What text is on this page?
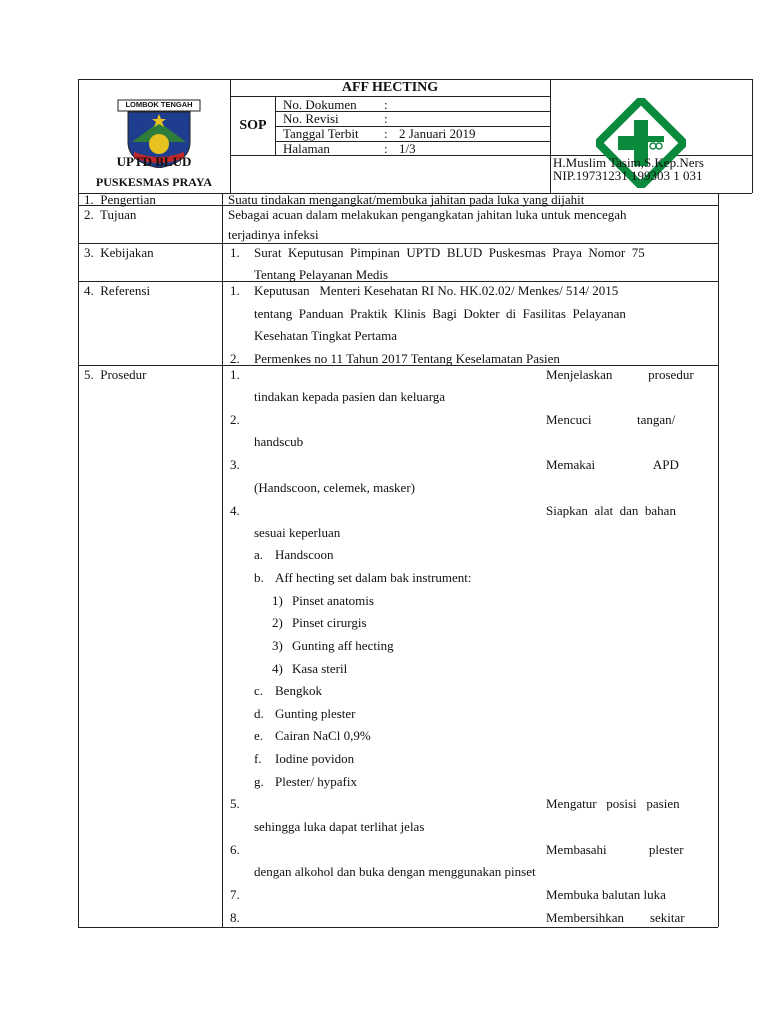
LOMBOK TENGAH
UPTD BLUD
PUSKESMAS PRAYA
AFF HECTING
SOP
No. Dokumen :
No. Revisi	:
Tanggal Terbit : 2 Januari 2019
Halaman	: 1/3
H.Muslim Tasim,S.Kep.Ners
NIP.19731231 199303 1 031
1.  Pengertian	Suatu tindakan mengangkat/membuka jahitan pada luka yang dijahit
2.  Tujuan	Sebagai acuan dalam melakukan pengangkatan jahitan luka untuk mencegah
terjadinya infeksi
3.  Kebijakan	1. Surat  Keputusan  Pimpinan  UPTD  BLUD  Puskesmas  Praya  Nomor  75
Tentang Pelayanan Medis
4.  Referensi	1. Keputusan   Menteri Kesehatan RI No. HK.02.02/ Menkes/ 514/ 2015
tentang  Panduan  Praktik  Klinis  Bagi  Dokter  di  Fasilitas  Pelayanan
Kesehatan Tingkat Pertama
2. Permenkes no 11 Tahun 2017 Tentang Keselamatan Pasien
5.  Prosedur	1.	Menjelaskan           prosedur
tindakan kepada pasien dan keluarga
2.	Mencuci              tangan/
handscub
3.	Memakai                  APD
(Handscoon, celemek, masker)
4.	Siapkan  alat  dan  bahan
sesuai keperluan
a. Handscoon
b. Aff hecting set dalam bak instrument:
1) Pinset anatomis
2) Pinset cirurgis
3) Gunting aff hecting
4) Kasa steril
c. Bengkok
d. Gunting plester
e. Cairan NaCl 0,9%
f. Iodine povidon
g. Plester/ hypafix
5.	Mengatur   posisi   pasien
sehingga luka dapat terlihat jelas
6.	Membasahi             plester
dengan alkohol dan buka dengan menggunakan pinset
7.	Membuka balutan luka
8.	Membersihkan        sekitar
